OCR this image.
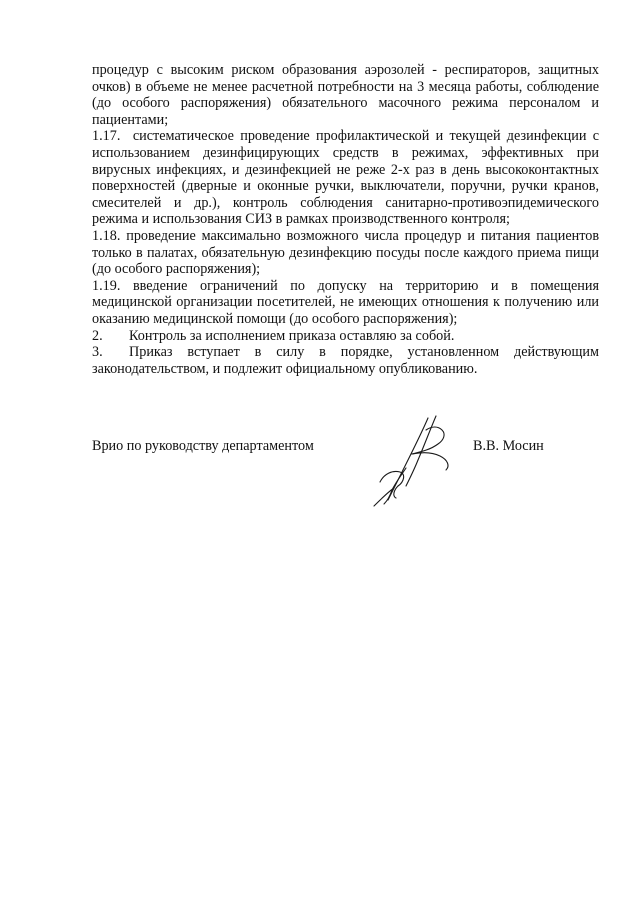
процедур с высоким риском образования аэрозолей - респираторов, защитных очков) в объеме не менее расчетной потребности на 3 месяца работы, соблюдение (до особого распоряжения) обязательного масочного режима персоналом и пациентами;

1.17. систематическое проведение профилактической и текущей дезинфекции с использованием дезинфицирующих средств в режимах, эффективных при вирусных инфекциях, и дезинфекцией не реже 2-х раз в день высококонтактных поверхностей (дверные и оконные ручки, выключатели, поручни, ручки кранов, смесителей и др.), контроль соблюдения санитарно-противоэпидемического режима и использования СИЗ в рамках производственного контроля;

1.18. проведение максимально возможного числа процедур и питания пациентов только в палатах, обязательную дезинфекцию посуды после каждого приема пищи (до особого распоряжения);

1.19. введение ограничений по допуску на территорию и в помещения медицинской организации посетителей, не имеющих отношения к получению или оказанию медицинской помощи (до особого распоряжения);

2. Контроль за исполнением приказа оставляю за собой.

3. Приказ вступает в силу в порядке, установленном действующим законодательством, и подлежит официальному опубликованию.

Врио по руководству департаментом	В.В. Мосин
